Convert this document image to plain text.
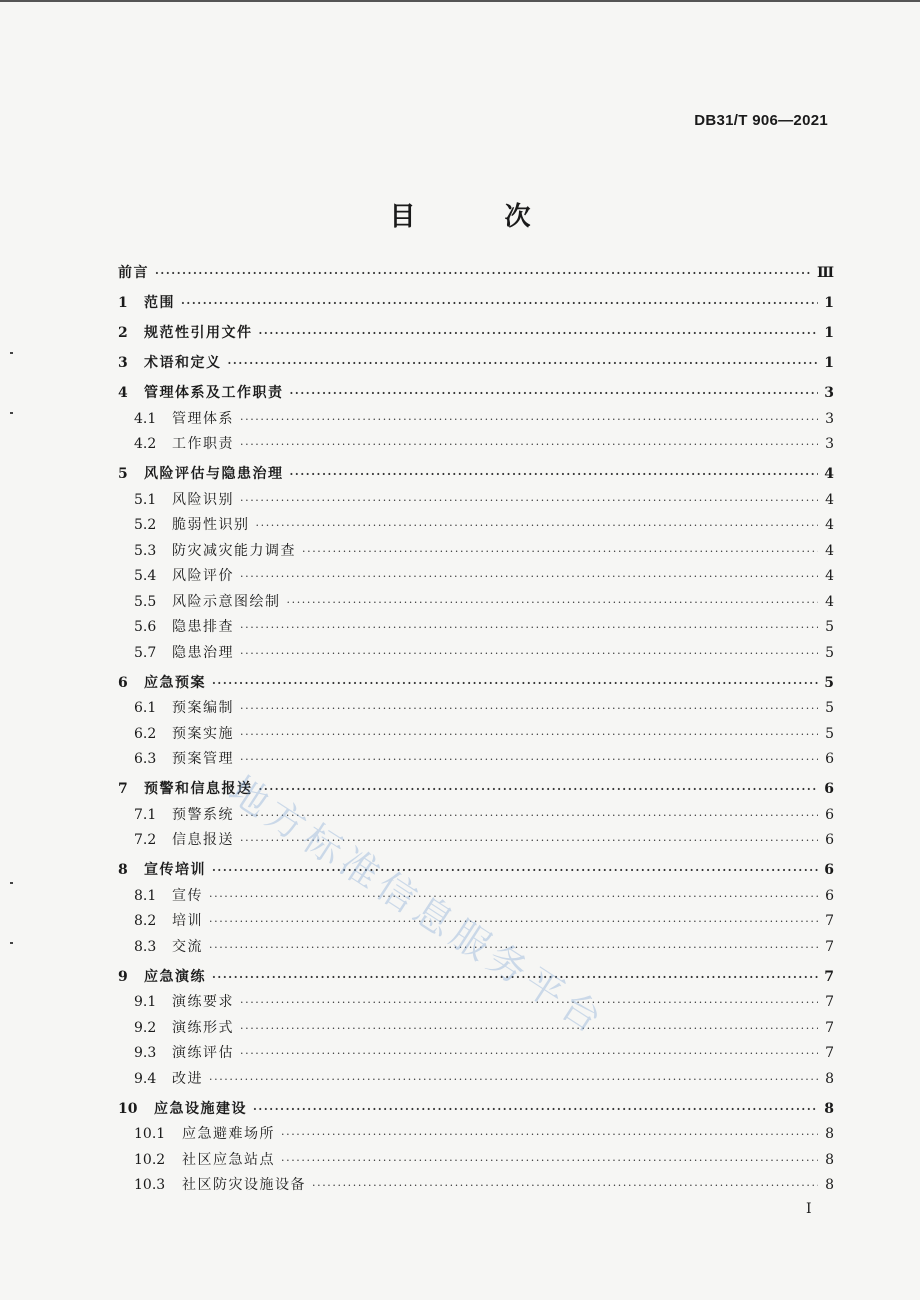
DB31/T 906—2021
目 次
前言 ·····	Ⅲ
1	范围 ·····	1
2	规范性引用文件 ·····	1
3	术语和定义 ·····	1
4	管理体系及工作职责 ·····	3
4.1	管理体系 ·····	3
4.2	工作职责 ·····	3
5	风险评估与隐患治理 ·····	4
5.1	风险识别 ·····	4
5.2	脆弱性识别 ·····	4
5.3	防灾减灾能力调查 ·····	4
5.4	风险评价 ·····	4
5.5	风险示意图绘制 ·····	4
5.6	隐患排查 ·····	5
5.7	隐患治理 ·····	5
6	应急预案 ·····	5
6.1	预案编制 ·····	5
6.2	预案实施 ·····	5
6.3	预案管理 ·····	6
7	预警和信息报送 ·····	6
7.1	预警系统 ·····	6
7.2	信息报送 ·····	6
8	宣传培训 ·····	6
8.1	宣传 ·····	6
8.2	培训 ·····	7
8.3	交流 ·····	7
9	应急演练 ·····	7
9.1	演练要求 ·····	7
9.2	演练形式 ·····	7
9.3	演练评估 ·····	7
9.4	改进 ·····	8
10	应急设施建设 ·····	8
10.1	应急避难场所 ·····	8
10.2	社区应急站点 ·····	8
10.3	社区防灾设施设备 ·····	8
I
地方标准信息服务平台
